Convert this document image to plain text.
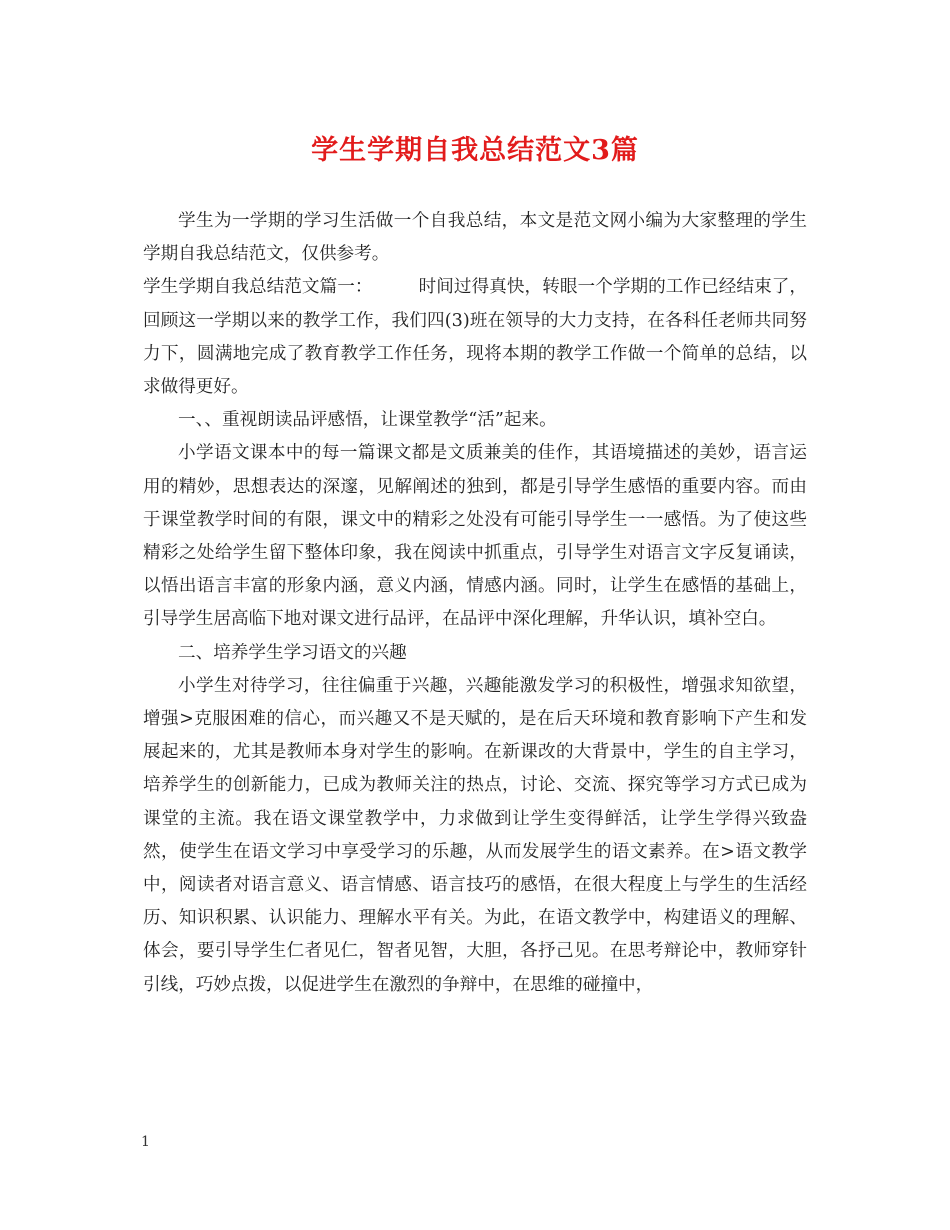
学生学期自我总结范文3篇

学生为一学期的学习生活做一个自我总结，本文是范文网小编为大家整理的学生学期自我总结范文，仅供参考。

学生学期自我总结范文篇一：	时间过得真快，转眼一个学期的工作已经结束了，回顾这一学期以来的教学工作，我们四(3)班在领导的大力支持，在各科任老师共同努力下，圆满地完成了教育教学工作任务，现将本期的教学工作做一个简单的总结，以求做得更好。

一、、重视朗读品评感悟，让课堂教学“活”起来。

小学语文课本中的每一篇课文都是文质兼美的佳作，其语境描述的美妙，语言运用的精妙，思想表达的深邃，见解阐述的独到，都是引导学生感悟的重要内容。而由于课堂教学时间的有限，课文中的精彩之处没有可能引导学生一一感悟。为了使这些精彩之处给学生留下整体印象，我在阅读中抓重点，引导学生对语言文字反复诵读，以悟出语言丰富的形象内涵，意义内涵，情感内涵。同时，让学生在感悟的基础上，引导学生居高临下地对课文进行品评，在品评中深化理解，升华认识，填补空白。

二、培养学生学习语文的兴趣

小学生对待学习，往往偏重于兴趣，兴趣能激发学习的积极性，增强求知欲望，增强>克服困难的信心，而兴趣又不是天赋的，是在后天环境和教育影响下产生和发展起来的，尤其是教师本身对学生的影响。在新课改的大背景中，学生的自主学习，培养学生的创新能力，已成为教师关注的热点，讨论、交流、探究等学习方式已成为课堂的主流。我在语文课堂教学中，力求做到让学生变得鲜活，让学生学得兴致盎然，使学生在语文学习中享受学习的乐趣，从而发展学生的语文素养。在>语文教学中，阅读者对语言意义、语言情感、语言技巧的感悟，在很大程度上与学生的生活经历、知识积累、认识能力、理解水平有关。为此，在语文教学中，构建语义的理解、体会，要引导学生仁者见仁，智者见智，大胆，各抒己见。在思考辩论中，教师穿针引线，巧妙点拨，以促进学生在激烈的争辩中，在思维的碰撞中，

1
